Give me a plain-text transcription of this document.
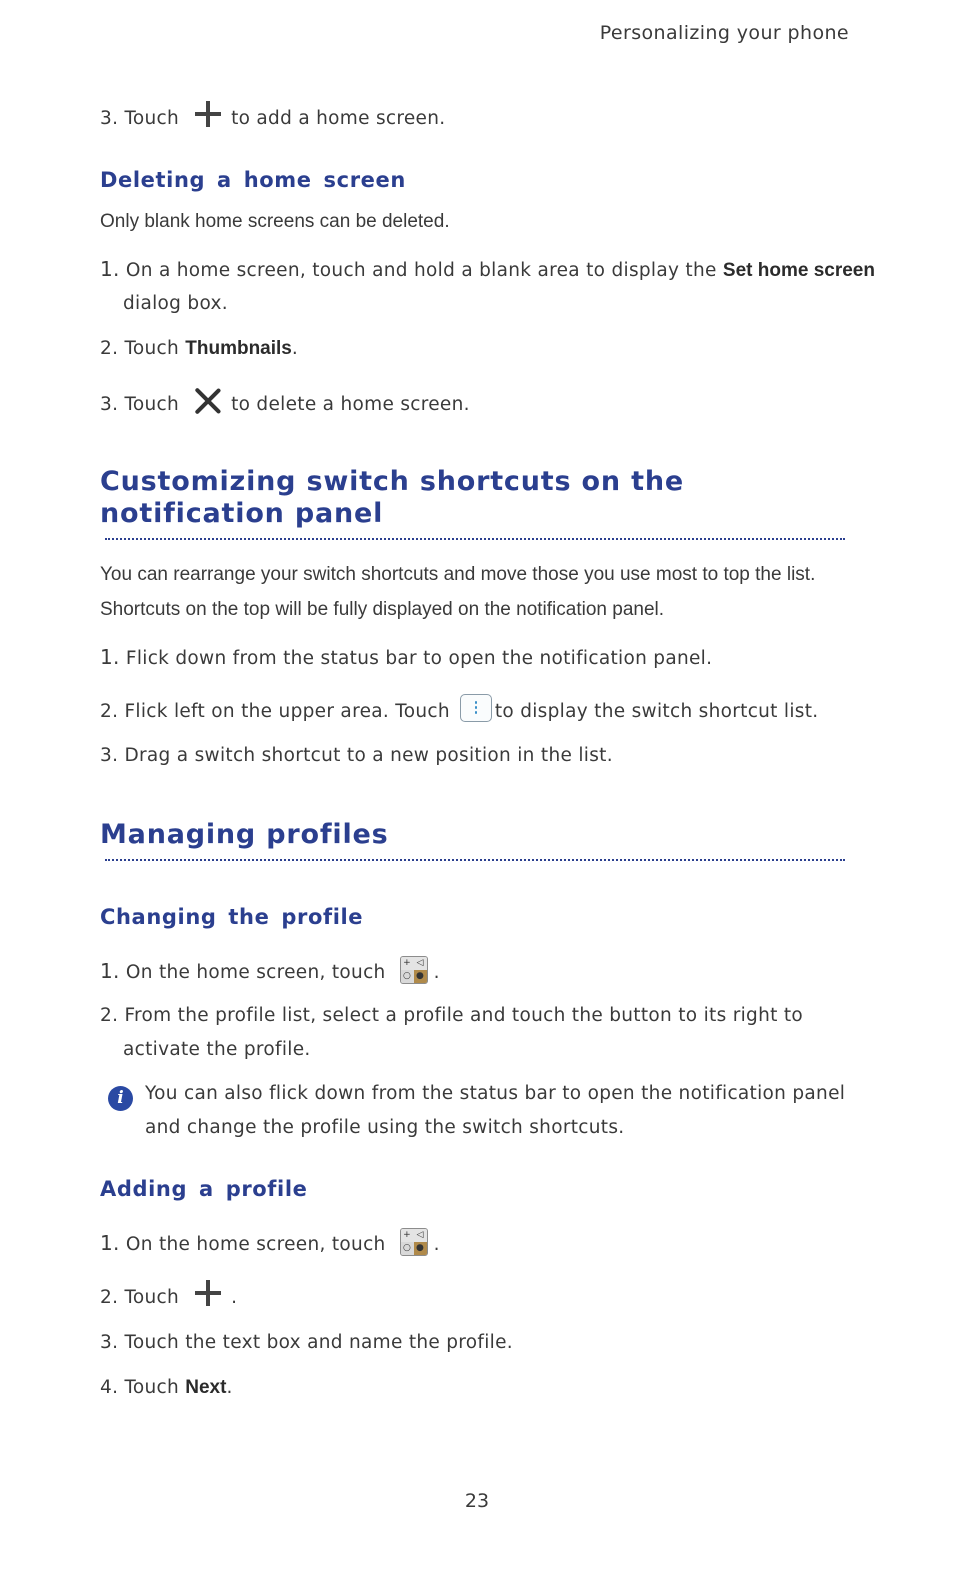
Personalizing your phone
3. Touch	to add a home screen.
Deleting a home screen
Only blank home screens can be deleted.
1. On a home screen, touch and hold a blank area to display the Set home screen
dialog box.
2. Touch Thumbnails.
3. Touch	to delete a home screen.
Customizing switch shortcuts on the notification panel
You can rearrange your switch shortcuts and move those you use most to top the list.
Shortcuts on the top will be fully displayed on the notification panel.
1. Flick down from the status bar to open the notification panel.
2. Flick left on the upper area. Touch to display the switch shortcut list.
3. Drag a switch shortcut to a new position in the list.
Managing profiles
Changing the profile
1. On the home screen, touch + ◁
○ ● .
2. From the profile list, select a profile and touch the button to its right to
activate the profile.
i	You can also flick down from the status bar to open the notification panel
and change the profile using the switch shortcuts.
Adding a profile
1. On the home screen, touch + ◁
○ ● .
2. Touch	.
3. Touch the text box and name the profile.
4. Touch Next.
23
